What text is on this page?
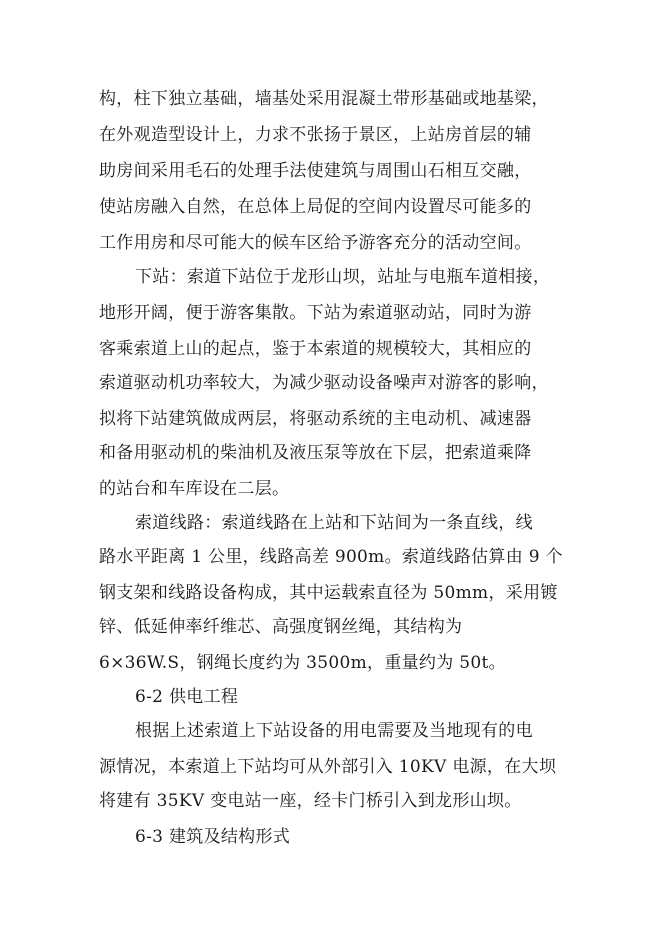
构，柱下独立基础，墙基处采用混凝土带形基础或地基梁，
在外观造型设计上，力求不张扬于景区，上站房首层的辅
助房间采用毛石的处理手法使建筑与周围山石相互交融，
使站房融入自然，在总体上局促的空间内设置尽可能多的
工作用房和尽可能大的候车区给予游客充分的活动空间。
下站：索道下站位于龙形山坝，站址与电瓶车道相接，
地形开阔，便于游客集散。下站为索道驱动站，同时为游
客乘索道上山的起点，鉴于本索道的规模较大，其相应的
索道驱动机功率较大，为减少驱动设备噪声对游客的影响，
拟将下站建筑做成两层，将驱动系统的主电动机、减速器
和备用驱动机的柴油机及液压泵等放在下层，把索道乘降
的站台和车库设在二层。
索道线路：索道线路在上站和下站间为一条直线，线
路水平距离 1 公里，线路高差 900m。索道线路估算由 9 个
钢支架和线路设备构成，其中运载索直径为 50mm，采用镀
锌、低延伸率纤维芯、高强度钢丝绳，其结构为
6×36W.S，钢绳长度约为 3500m，重量约为 50t。
6-2 供电工程
根据上述索道上下站设备的用电需要及当地现有的电
源情况，本索道上下站均可从外部引入 10KV 电源，在大坝
将建有 35KV 变电站一座，经卡门桥引入到龙形山坝。
6-3 建筑及结构形式
